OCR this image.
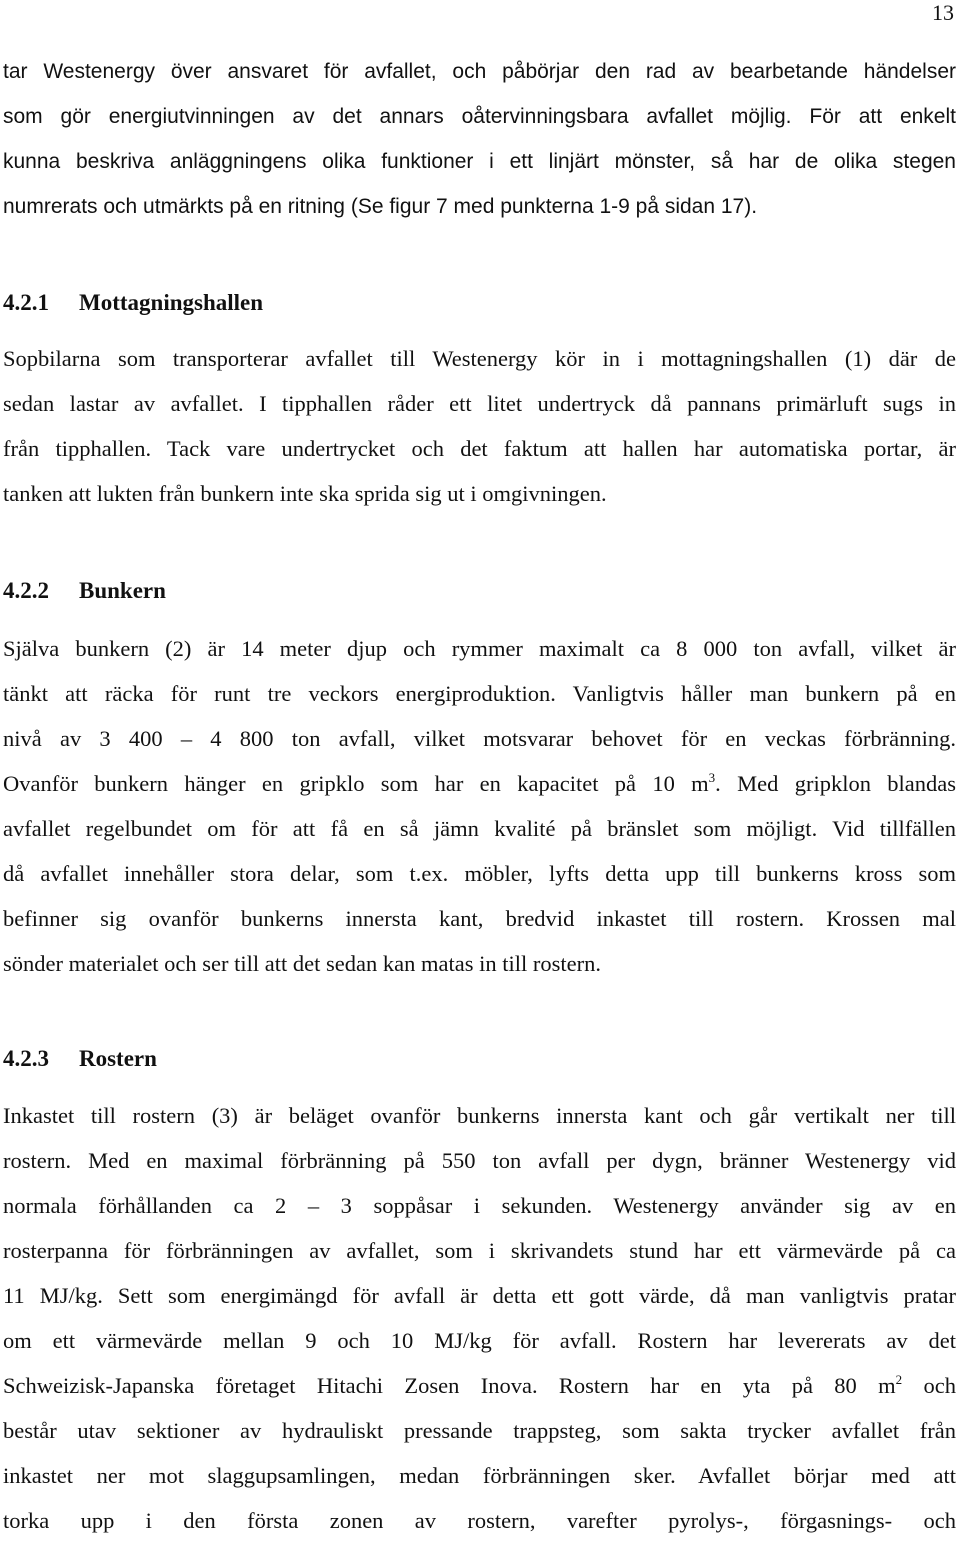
13
tar Westenergy över ansvaret för avfallet, och påbörjar den rad av bearbetande händelser
som gör energiutvinningen av det annars oåtervinningsbara avfallet möjlig. För att enkelt
kunna beskriva anläggningens olika funktioner i ett linjärt mönster, så har de olika stegen
numrerats och utmärkts på en ritning (Se figur 7 med punkterna 1-9 på sidan 17).
4.2.1 Mottagningshallen
Sopbilarna som transporterar avfallet till Westenergy kör in i mottagningshallen (1) där de
sedan lastar av avfallet. I tipphallen råder ett litet undertryck då pannans primärluft sugs in
från tipphallen. Tack vare undertrycket och det faktum att hallen har automatiska portar, är
tanken att lukten från bunkern inte ska sprida sig ut i omgivningen.
4.2.2 Bunkern
Själva bunkern (2) är 14 meter djup och rymmer maximalt ca 8 000 ton avfall, vilket är
tänkt att räcka för runt tre veckors energiproduktion. Vanligtvis håller man bunkern på en
nivå av 3 400 – 4 800 ton avfall, vilket motsvarar behovet för en veckas förbränning.
Ovanför bunkern hänger en gripklo som har en kapacitet på 10 $m^3$. Med gripklon blandas
avfallet regelbundet om för att få en så jämn kvalité på bränslet som möjligt. Vid tillfällen
då avfallet innehåller stora delar, som t.ex. möbler, lyfts detta upp till bunkerns kross som
befinner sig ovanför bunkerns innersta kant, bredvid inkastet till rostern. Krossen mal
sönder materialet och ser till att det sedan kan matas in till rostern.
4.2.3 Rostern
Inkastet till rostern (3) är beläget ovanför bunkerns innersta kant och går vertikalt ner till
rostern. Med en maximal förbränning på 550 ton avfall per dygn, bränner Westenergy vid
normala förhållanden ca 2 – 3 soppåsar i sekunden. Westenergy använder sig av en
rosterpanna för förbränningen av avfallet, som i skrivandets stund har ett värmevärde på ca
11 MJ/kg. Sett som energimängd för avfall är detta ett gott värde, då man vanligtvis pratar
om ett värmevärde mellan 9 och 10 MJ/kg för avfall. Rostern har levererats av det
Schweizisk-Japanska företaget Hitachi Zosen Inova. Rostern har en yta på 80 $m^2$ och
består utav sektioner av hydrauliskt pressande trappsteg, som sakta trycker avfallet från
inkastet ner mot slaggupsamlingen, medan förbränningen sker. Avfallet börjar med att
torka upp i den första zonen av rostern, varefter pyrolys-, förgasnings- och
